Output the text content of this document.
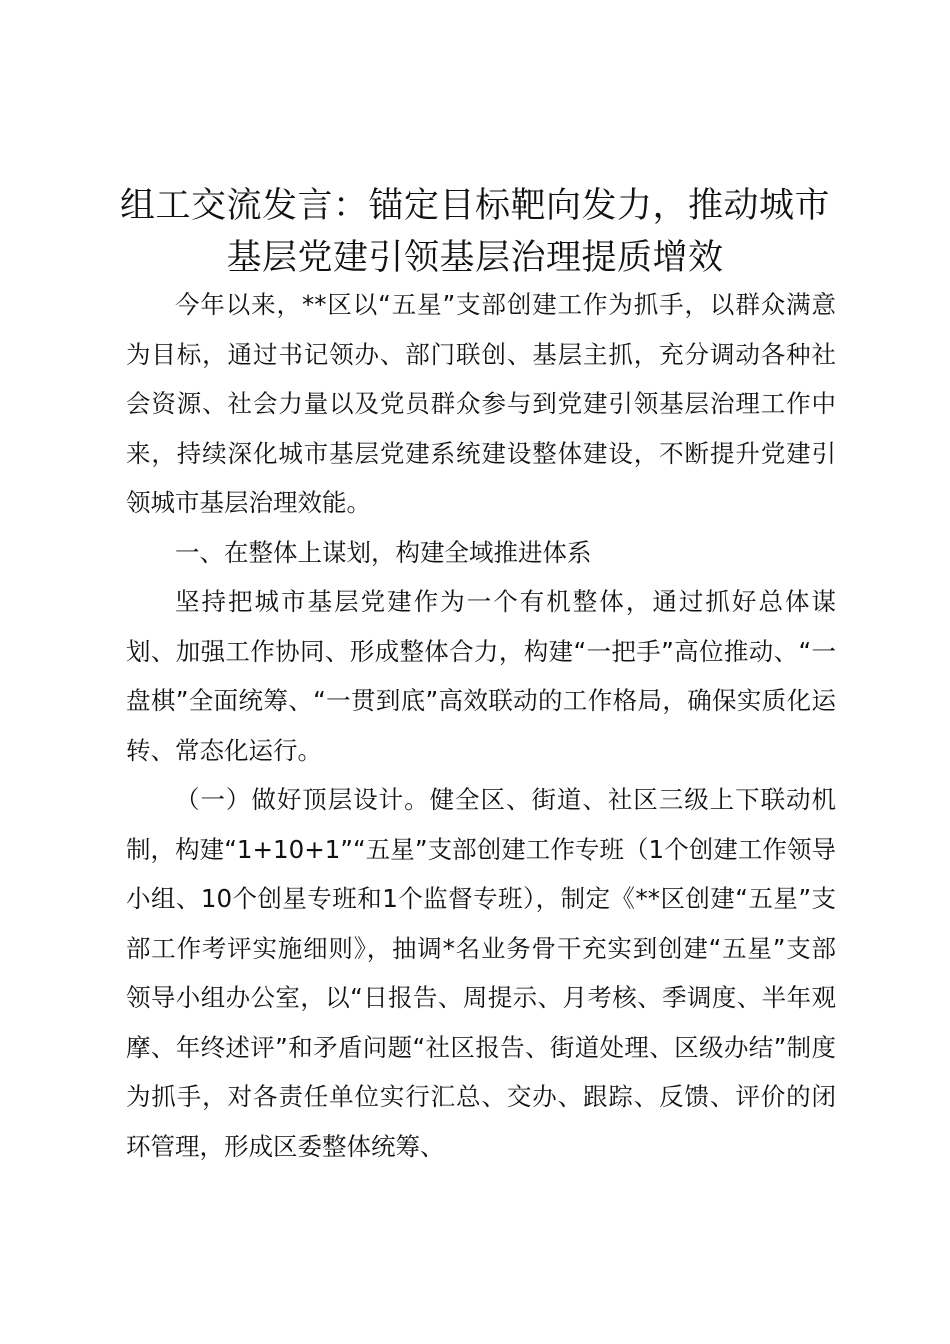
组工交流发言：锚定目标靶向发力，推动城市
基层党建引领基层治理提质增效

今年以来，**区以“五星”支部创建工作为抓手，以群众满意为目标，通过书记领办、部门联创、基层主抓，充分调动各种社会资源、社会力量以及党员群众参与到党建引领基层治理工作中来，持续深化城市基层党建系统建设整体建设，不断提升党建引领城市基层治理效能。

一、在整体上谋划，构建全域推进体系

坚持把城市基层党建作为一个有机整体，通过抓好总体谋划、加强工作协同、形成整体合力，构建“一把手”高位推动、“一盘棋”全面统筹、“一贯到底”高效联动的工作格局，确保实质化运转、常态化运行。

（一）做好顶层设计。健全区、街道、社区三级上下联动机制，构建“1+10+1”“五星”支部创建工作专班（1个创建工作领导小组、10个创星专班和1个监督专班），制定《**区创建“五星”支部工作考评实施细则》，抽调*名业务骨干充实到创建“五星”支部领导小组办公室，以“日报告、周提示、月考核、季调度、半年观摩、年终述评”和矛盾问题“社区报告、街道处理、区级办结”制度为抓手，对各责任单位实行汇总、交办、跟踪、反馈、评价的闭环管理，形成区委整体统筹、
